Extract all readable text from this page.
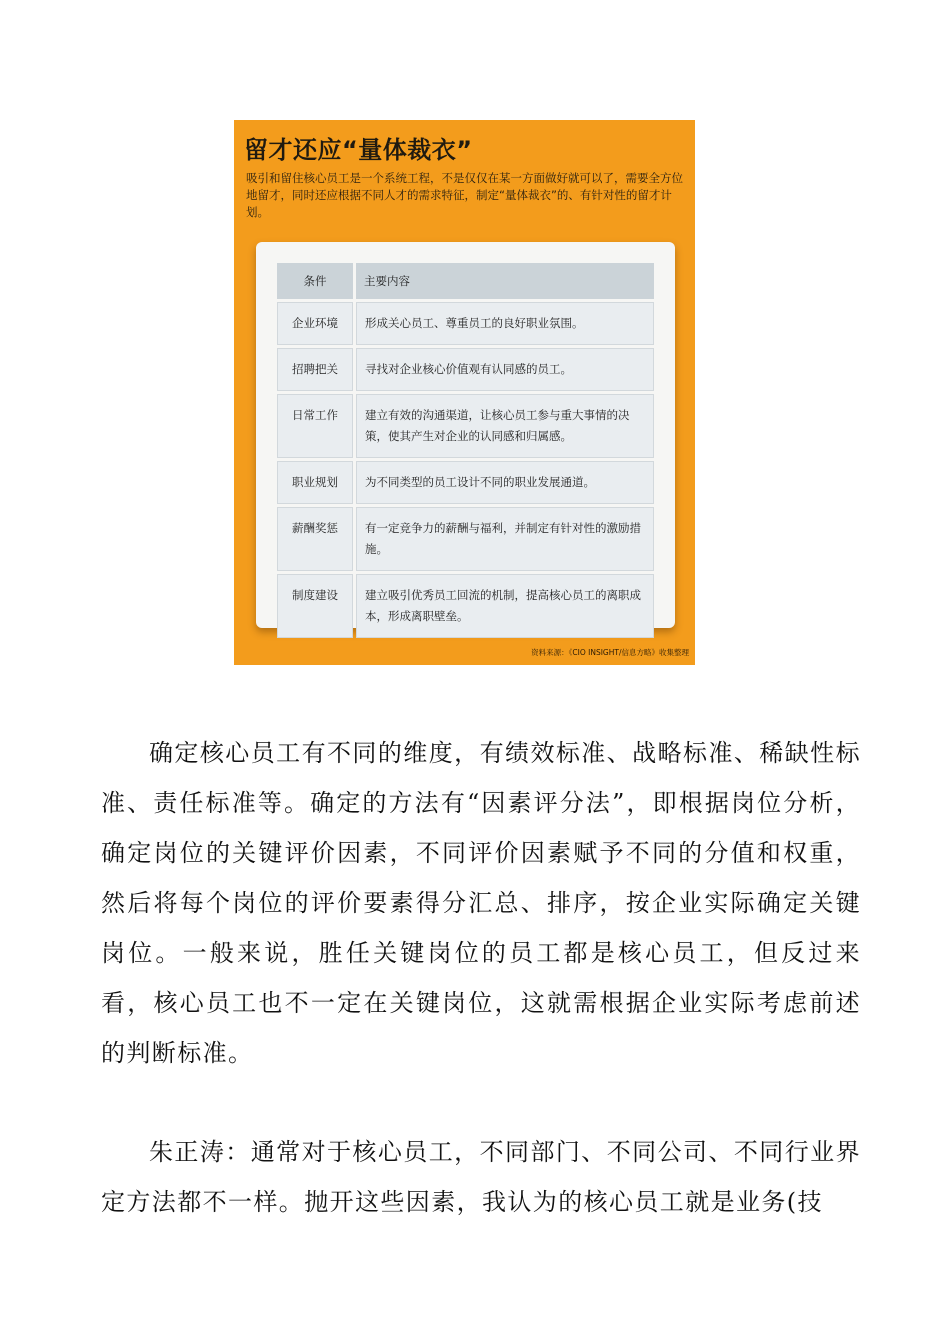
留才还应“量体裁衣”

吸引和留住核心员工是一个系统工程，不是仅仅在某一方面做好就可以了，需要全方位地留才，同时还应根据不同人才的需求特征，制定“量体裁衣”的、有针对性的留才计划。

条件	主要内容
企业环境	形成关心员工、尊重员工的良好职业氛围。
招聘把关	寻找对企业核心价值观有认同感的员工。
日常工作	建立有效的沟通渠道，让核心员工参与重大事情的决策，使其产生对企业的认同感和归属感。
职业规划	为不同类型的员工设计不同的职业发展通道。
薪酬奖惩	有一定竞争力的薪酬与福利，并制定有针对性的激励措施。
制度建设	建立吸引优秀员工回流的机制，提高核心员工的离职成本，形成离职壁垒。

资料来源：《CIO INSIGHT/信息方略》收集整理

确定核心员工有不同的维度，有绩效标准、战略标准、稀缺性标准、责任标准等。确定的方法有“因素评分法”，即根据岗位分析，确定岗位的关键评价因素，不同评价因素赋予不同的分值和权重，然后将每个岗位的评价要素得分汇总、排序，按企业实际确定关键岗位。一般来说，胜任关键岗位的员工都是核心员工，但反过来看，核心员工也不一定在关键岗位，这就需根据企业实际考虑前述的判断标准。

朱正涛：通常对于核心员工，不同部门、不同公司、不同行业界定方法都不一样。抛开这些因素，我认为的核心员工就是业务(技
